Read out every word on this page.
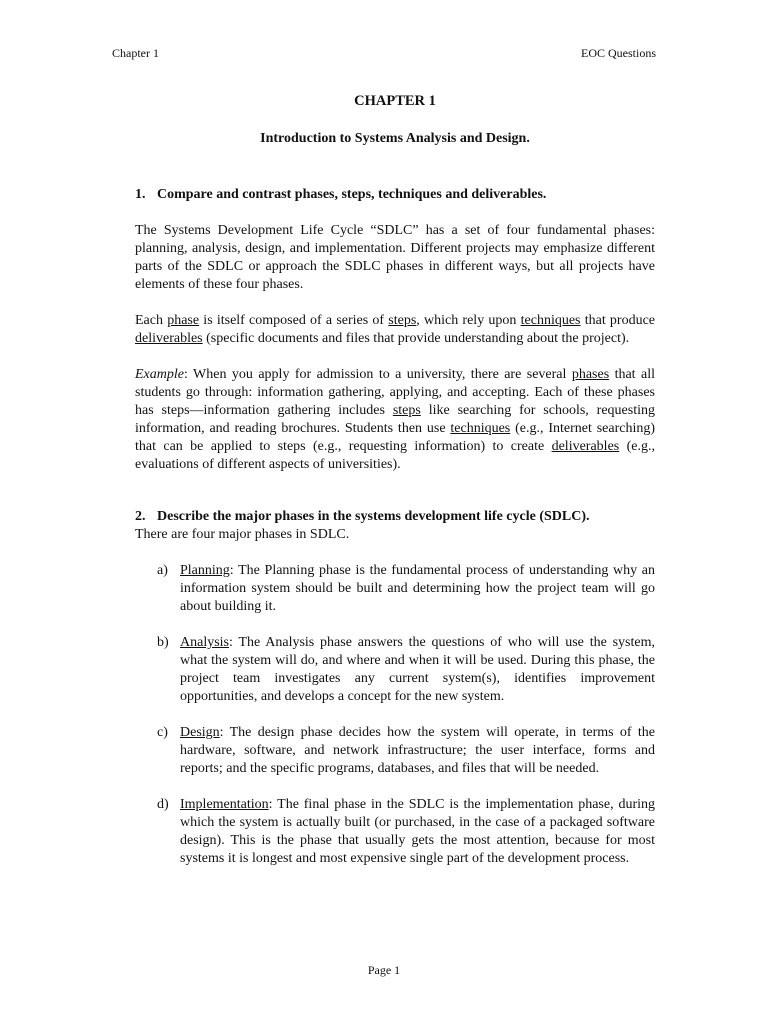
Chapter 1	EOC Questions

CHAPTER 1

Introduction to Systems Analysis and Design.

1. Compare and contrast phases, steps, techniques and deliverables.

The Systems Development Life Cycle “SDLC” has a set of four fundamental phases: planning, analysis, design, and implementation. Different projects may emphasize different parts of the SDLC or approach the SDLC phases in different ways, but all projects have elements of these four phases.

Each phase is itself composed of a series of steps, which rely upon techniques that produce deliverables (specific documents and files that provide understanding about the project).

Example: When you apply for admission to a university, there are several phases that all students go through: information gathering, applying, and accepting. Each of these phases has steps—information gathering includes steps like searching for schools, requesting information, and reading brochures. Students then use techniques (e.g., Internet searching) that can be applied to steps (e.g., requesting information) to create deliverables (e.g., evaluations of different aspects of universities).

2. Describe the major phases in the systems development life cycle (SDLC).

There are four major phases in SDLC.

a) Planning: The Planning phase is the fundamental process of understanding why an information system should be built and determining how the project team will go about building it.
b) Analysis: The Analysis phase answers the questions of who will use the system, what the system will do, and where and when it will be used. During this phase, the project team investigates any current system(s), identifies improvement opportunities, and develops a concept for the new system.
c) Design: The design phase decides how the system will operate, in terms of the hardware, software, and network infrastructure; the user interface, forms and reports; and the specific programs, databases, and files that will be needed.
d) Implementation: The final phase in the SDLC is the implementation phase, during which the system is actually built (or purchased, in the case of a packaged software design). This is the phase that usually gets the most attention, because for most systems it is longest and most expensive single part of the development process.
Page 1
